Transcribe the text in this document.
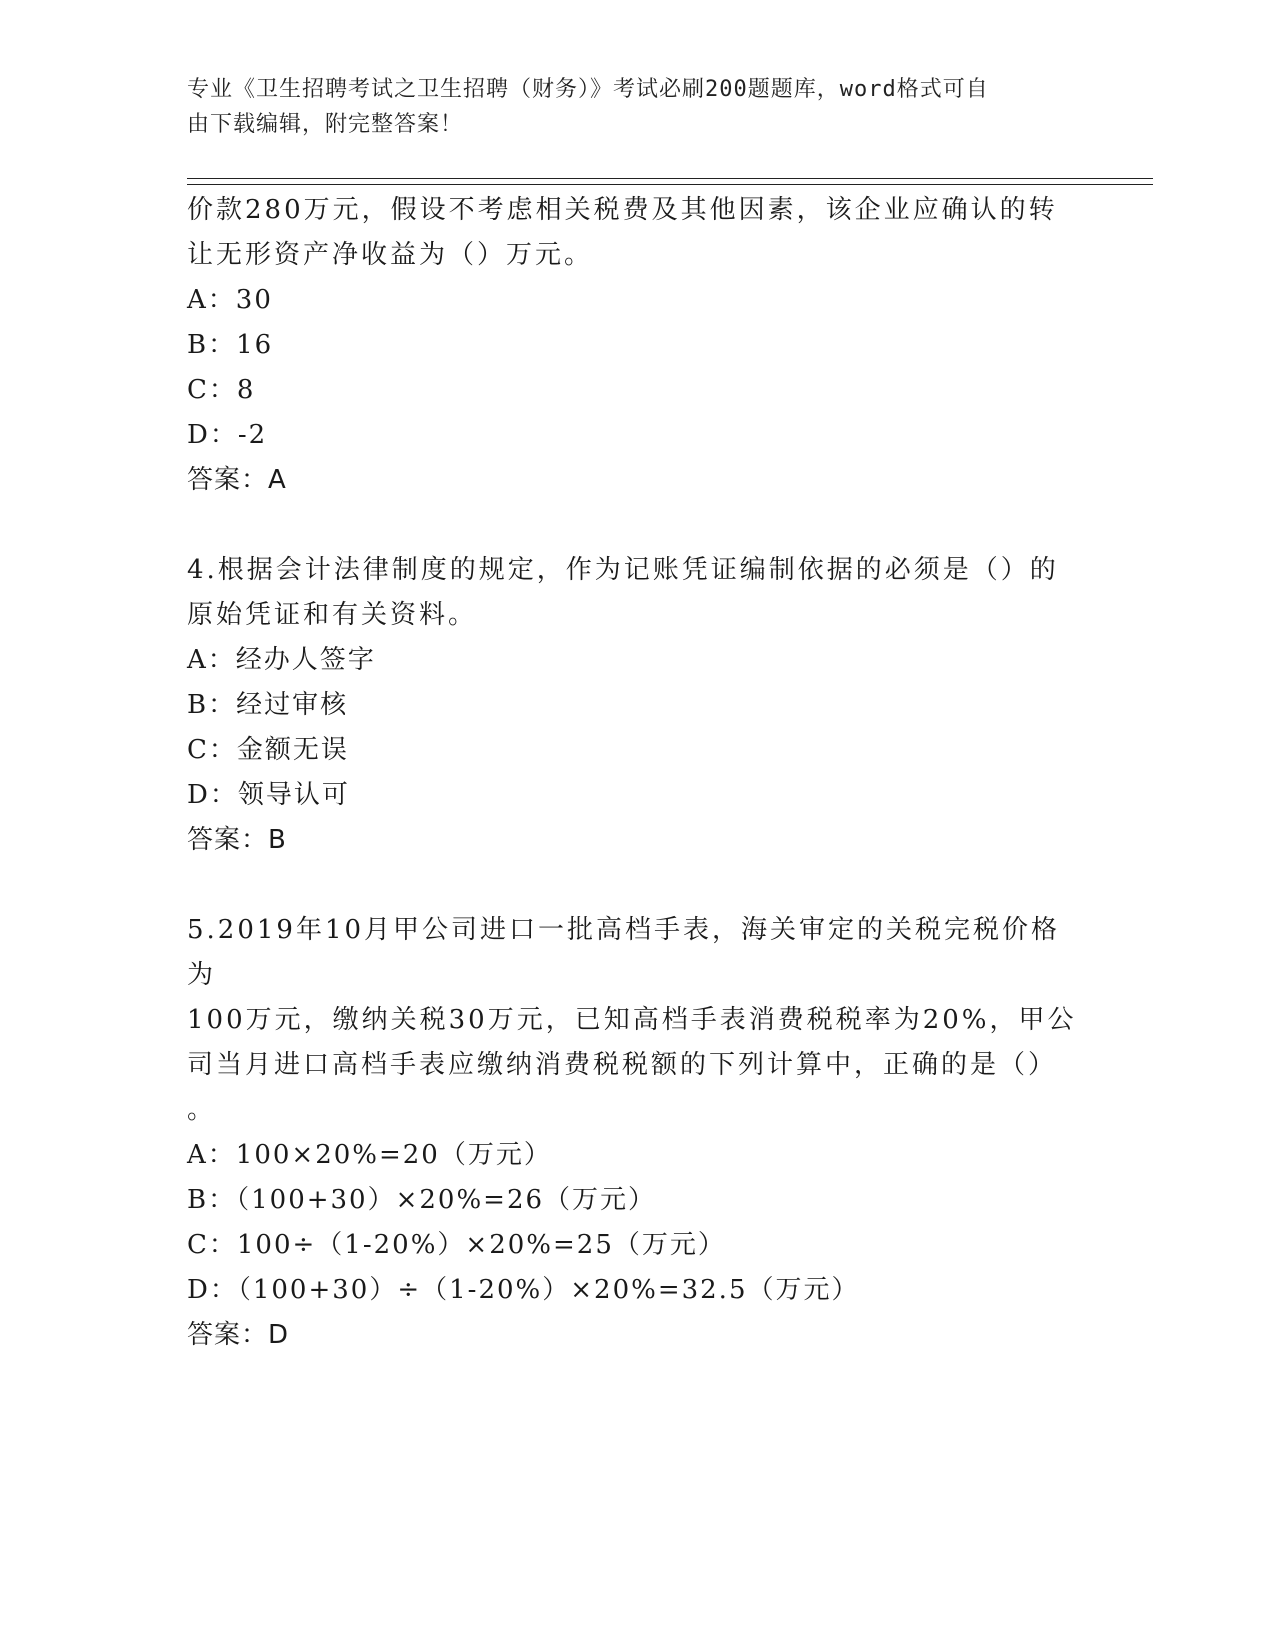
专业《卫生招聘考试之卫生招聘（财务）》考试必刷200题题库，word格式可自
由下载编辑，附完整答案！
价款280万元，假设不考虑相关税费及其他因素，该企业应确认的转
让无形资产净收益为（）万元。
A：30
B：16
C：8
D：-2
答案：A
4.根据会计法律制度的规定，作为记账凭证编制依据的必须是（）的
原始凭证和有关资料。
A：经办人签字
B：经过审核
C：金额无误
D：领导认可
答案：B
5.2019年10月甲公司进口一批高档手表，海关审定的关税完税价格为
100万元，缴纳关税30万元，已知高档手表消费税税率为20%，甲公
司当月进口高档手表应缴纳消费税税额的下列计算中，正确的是（）
。
A：100×20%=20（万元）
B：（100+30）×20%=26（万元）
C：100÷（1-20%）×20%=25（万元）
D：（100+30）÷（1-20%）×20%=32.5（万元）
答案：D
